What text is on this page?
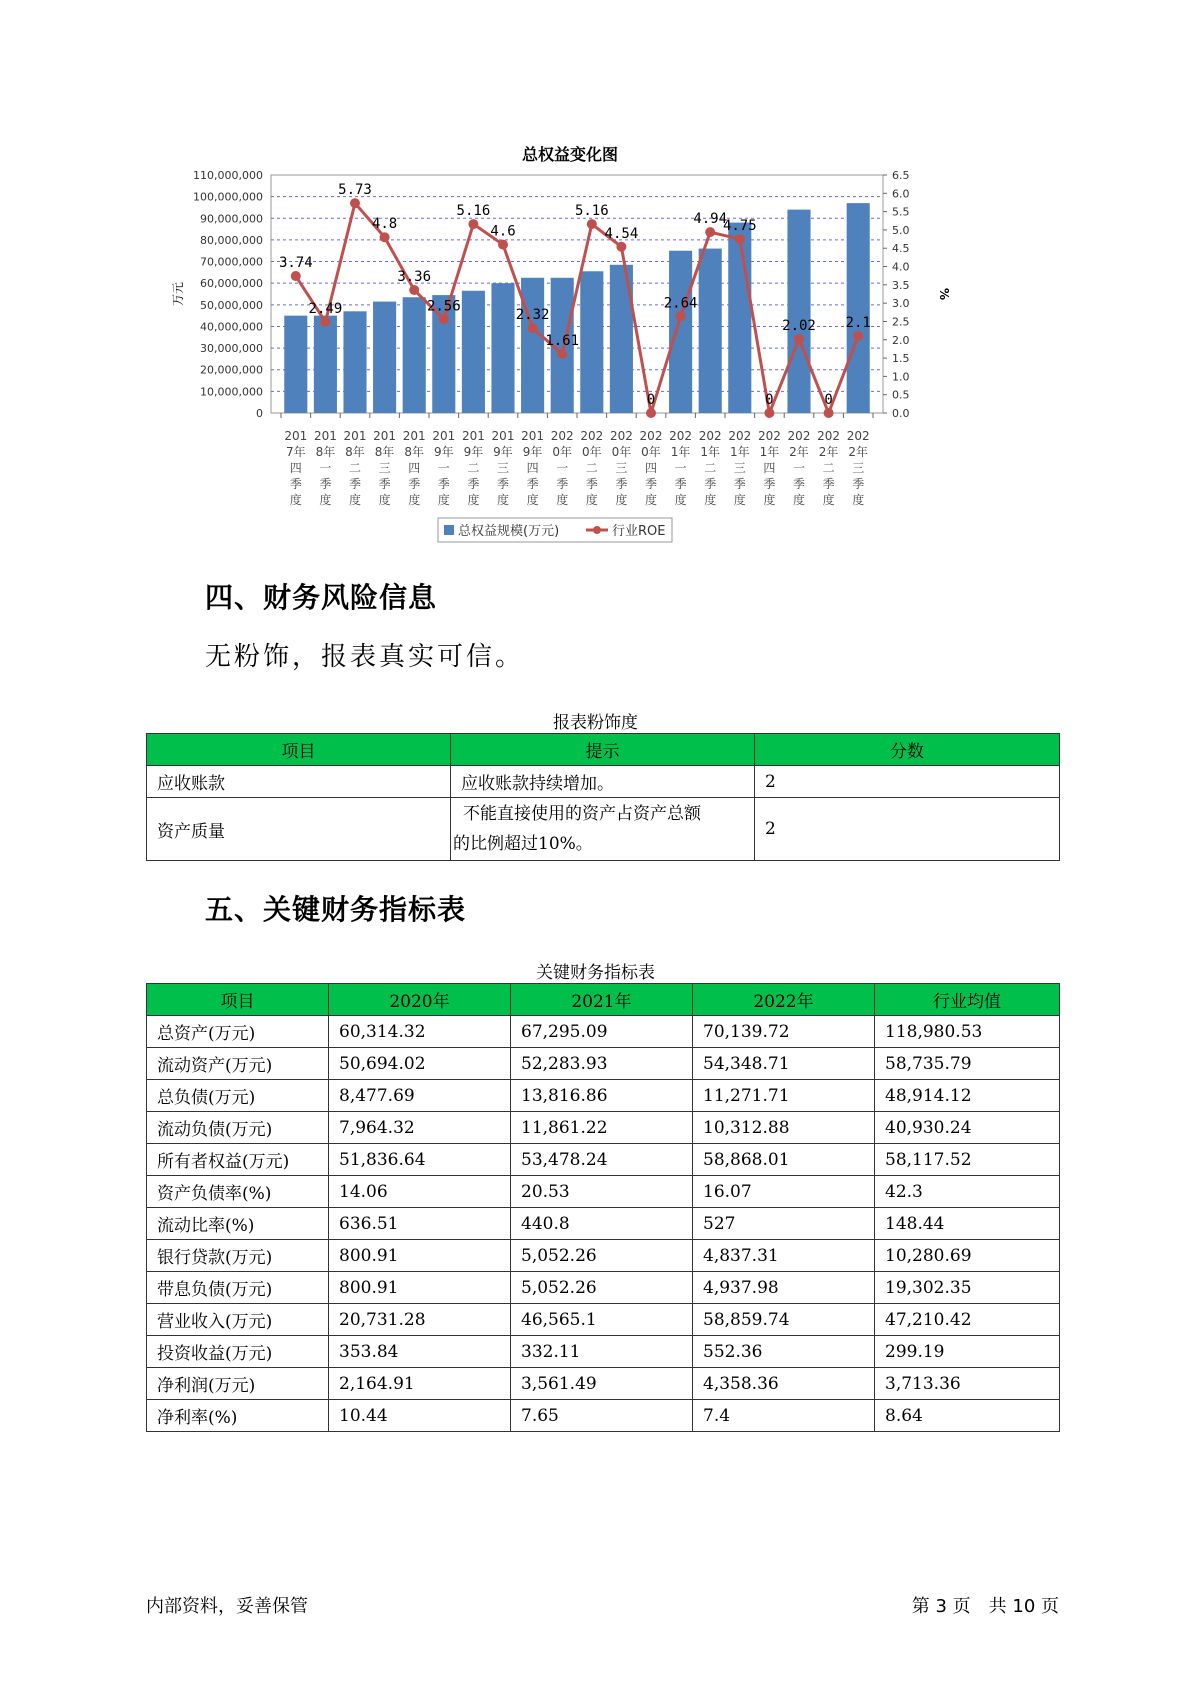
110,000,000
100,000,000
90,000,000
80,000,000
70,000,000
60,000,000
50,000,000
40,000,000
30,000,000
20,000,000
10,000,000
0
6.5
6.0
5.5
5.0
4.5
4.0
3.5
3.0
2.5
2.0
1.5
1.0
0.5
0.0
万元	%
201
7年
四
季
度
201
8年
一
季
度
201
8年
二
季
度
201
8年
三
季
度
201
8年
四
季
度
201
9年
一
季
度
201
9年
二
季
度
201
9年
三
季
度
201
9年
四
季
度
202
0年
一
季
度
202
0年
二
季
度
202
0年
三
季
度
202
0年
四
季
度
202
1年
一
季
度
202
1年
二
季
度
202
1年
三
季
度
202
1年
四
季
度
202
2年
一
季
度
202
2年
二
季
度
202
2年
三
季
度
3.74
2.49
5.73
4.8
3.36
2.56
5.16
4.6
2.32
1.61
5.16
4.54
0
2.64
4.94
4.75
0
2.02
0
2.1
总权益规模(万元)	行业ROE
总权益变化图
四、财务风险信息
无粉饰，报表真实可信。
报表粉饰度
项目	提示	分数
应收账款	应收账款持续增加。	2
资产质量	不能直接使用的资产占资产总额
的比例超过10%。	2
五、关键财务指标表
关键财务指标表
项目	2020年	2021年	2022年	行业均值
总资产(万元)	60,314.32	67,295.09	70,139.72	118,980.53
流动资产(万元)	50,694.02	52,283.93	54,348.71	58,735.79
总负债(万元)	8,477.69	13,816.86	11,271.71	48,914.12
流动负债(万元)	7,964.32	11,861.22	10,312.88	40,930.24
所有者权益(万元)	51,836.64	53,478.24	58,868.01	58,117.52
资产负债率(%)	14.06	20.53	16.07	42.3
流动比率(%)	636.51	440.8	527	148.44
银行贷款(万元)	800.91	5,052.26	4,837.31	10,280.69
带息负债(万元)	800.91	5,052.26	4,937.98	19,302.35
营业收入(万元)	20,731.28	46,565.1	58,859.74	47,210.42
投资收益(万元)	353.84	332.11	552.36	299.19
净利润(万元)	2,164.91	3,561.49	4,358.36	3,713.36
净利率(%)	10.44	7.65	7.4	8.64
内部资料，妥善保管	第 3 页　共 10 页
